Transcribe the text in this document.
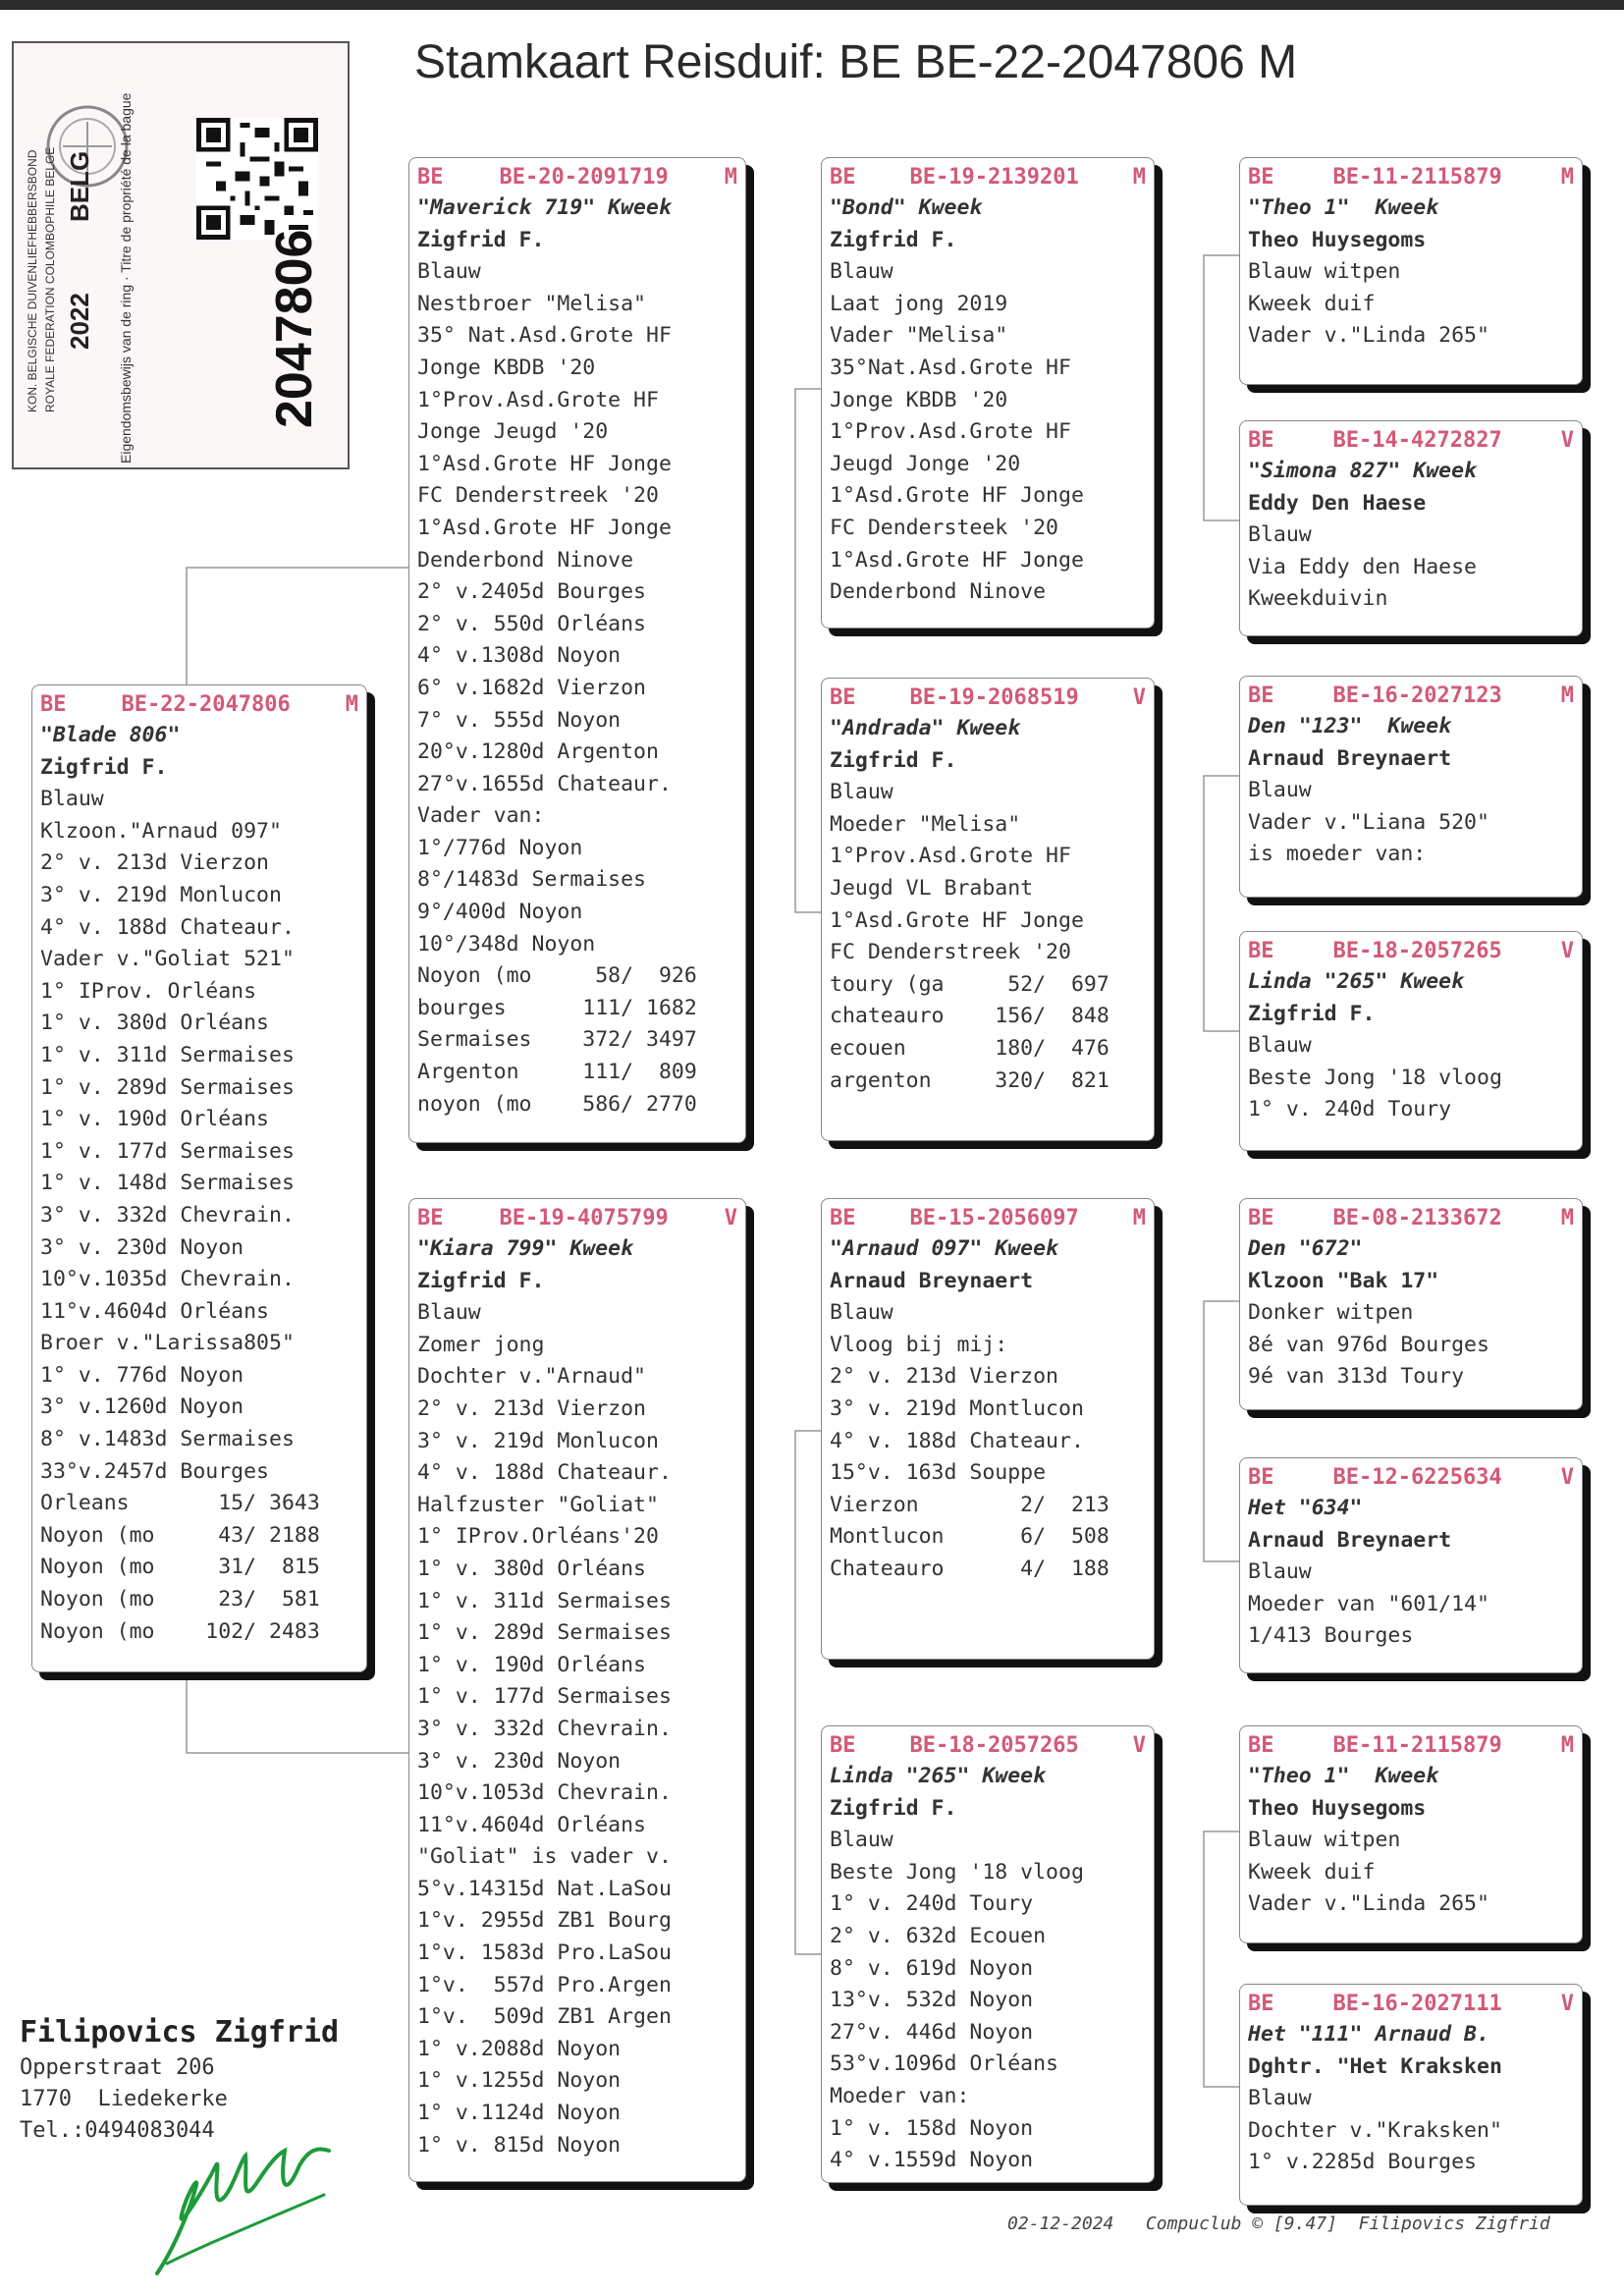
Stamkaart Reisduif: BE BE-22-2047806 M
KON. BELGISCHE DUIVENLIEFHEBBERSBOND ROYALE FEDERATION COLOMBOPHILE BELGE 2022
BELG Eigendomsbewijs van de ring · Titre de propriété de la bague	2047806
BE	BE-22-2047806	M
"Blade 806"
Zigfrid F.
Blauw
Klzoon."Arnaud 097"
2° v. 213d Vierzon
3° v. 219d Monlucon
4° v. 188d Chateaur.
Vader v."Goliat 521"
1° IProv. Orléans
1° v. 380d Orléans
1° v. 311d Sermaises
1° v. 289d Sermaises
1° v. 190d Orléans
1° v. 177d Sermaises
1° v. 148d Sermaises
3° v. 332d Chevrain.
3° v. 230d Noyon
10°v.1035d Chevrain.
11°v.4604d Orléans
Broer v."Larissa805"
1° v. 776d Noyon
3° v.1260d Noyon
8° v.1483d Sermaises
33°v.2457d Bourges
Orleans       15/ 3643
Noyon (mo     43/ 2188
Noyon (mo     31/  815
Noyon (mo     23/  581
Noyon (mo    102/ 2483
BE	BE-20-2091719	M
"Maverick 719" Kweek
Zigfrid F.
Blauw
Nestbroer "Melisa"
35° Nat.Asd.Grote HF
Jonge KBDB '20
1°Prov.Asd.Grote HF
Jonge Jeugd '20
1°Asd.Grote HF Jonge
FC Denderstreek '20
1°Asd.Grote HF Jonge
Denderbond Ninove
2° v.2405d Bourges
2° v. 550d Orléans
4° v.1308d Noyon
6° v.1682d Vierzon
7° v. 555d Noyon
20°v.1280d Argenton
27°v.1655d Chateaur.
Vader van:
1°/776d Noyon
8°/1483d Sermaises
9°/400d Noyon
10°/348d Noyon
Noyon (mo     58/  926
bourges      111/ 1682
Sermaises    372/ 3497
Argenton     111/  809
noyon (mo    586/ 2770
BE	BE-19-4075799	V
"Kiara 799" Kweek
Zigfrid F.
Blauw
Zomer jong
Dochter v."Arnaud"
2° v. 213d Vierzon
3° v. 219d Monlucon
4° v. 188d Chateaur.
Halfzuster "Goliat"
1° IProv.Orléans'20
1° v. 380d Orléans
1° v. 311d Sermaises
1° v. 289d Sermaises
1° v. 190d Orléans
1° v. 177d Sermaises
3° v. 332d Chevrain.
3° v. 230d Noyon
10°v.1053d Chevrain.
11°v.4604d Orléans
"Goliat" is vader v.
5°v.14315d Nat.LaSou
1°v. 2955d ZB1 Bourg
1°v. 1583d Pro.LaSou
1°v.  557d Pro.Argen
1°v.  509d ZB1 Argen
1° v.2088d Noyon
1° v.1255d Noyon
1° v.1124d Noyon
1° v. 815d Noyon
BE	BE-19-2139201	M
"Bond" Kweek
Zigfrid F.
Blauw
Laat jong 2019
Vader "Melisa"
35°Nat.Asd.Grote HF
Jonge KBDB '20
1°Prov.Asd.Grote HF
Jeugd Jonge '20
1°Asd.Grote HF Jonge
FC Dendersteek '20
1°Asd.Grote HF Jonge
Denderbond Ninove
BE	BE-19-2068519	V
"Andrada" Kweek
Zigfrid F.
Blauw
Moeder "Melisa"
1°Prov.Asd.Grote HF
Jeugd VL Brabant
1°Asd.Grote HF Jonge
FC Denderstreek '20
toury (ga     52/  697
chateauro    156/  848
ecouen       180/  476
argenton     320/  821
BE	BE-15-2056097	M
"Arnaud 097" Kweek
Arnaud Breynaert
Blauw
Vloog bij mij:
2° v. 213d Vierzon
3° v. 219d Montlucon
4° v. 188d Chateaur.
15°v. 163d Souppe
Vierzon        2/  213
Montlucon      6/  508
Chateauro      4/  188
BE	BE-18-2057265	V
Linda "265" Kweek
Zigfrid F.
Blauw
Beste Jong '18 vloog
1° v. 240d Toury
2° v. 632d Ecouen
8° v. 619d Noyon
13°v. 532d Noyon
27°v. 446d Noyon
53°v.1096d Orléans
Moeder van:
1° v. 158d Noyon
4° v.1559d Noyon
BE	BE-11-2115879	M
"Theo 1"  Kweek
Theo Huysegoms
Blauw witpen
Kweek duif
Vader v."Linda 265"
BE	BE-14-4272827	V
"Simona 827" Kweek
Eddy Den Haese
Blauw
Via Eddy den Haese
Kweekduivin
BE	BE-16-2027123	M
Den "123"  Kweek
Arnaud Breynaert
Blauw
Vader v."Liana 520"
is moeder van:
BE	BE-18-2057265	V
Linda "265" Kweek
Zigfrid F.
Blauw
Beste Jong '18 vloog
1° v. 240d Toury
BE	BE-08-2133672	M
Den "672"
Klzoon "Bak 17"
Donker witpen
8é van 976d Bourges
9é van 313d Toury
BE	BE-12-6225634	V
Het "634"
Arnaud Breynaert
Blauw
Moeder van "601/14"
1/413 Bourges
BE	BE-11-2115879	M
"Theo 1"  Kweek
Theo Huysegoms
Blauw witpen
Kweek duif
Vader v."Linda 265"
BE	BE-16-2027111	V
Het "111" Arnaud B.
Dghtr. "Het Kraksken
Blauw
Dochter v."Kraksken"
1° v.2285d Bourges
Filipovics Zigfrid
Opperstraat 206
1770  Liedekerke
Tel.:0494083044
02-12-2024 Compuclub © [9.47] Filipovics Zigfrid
